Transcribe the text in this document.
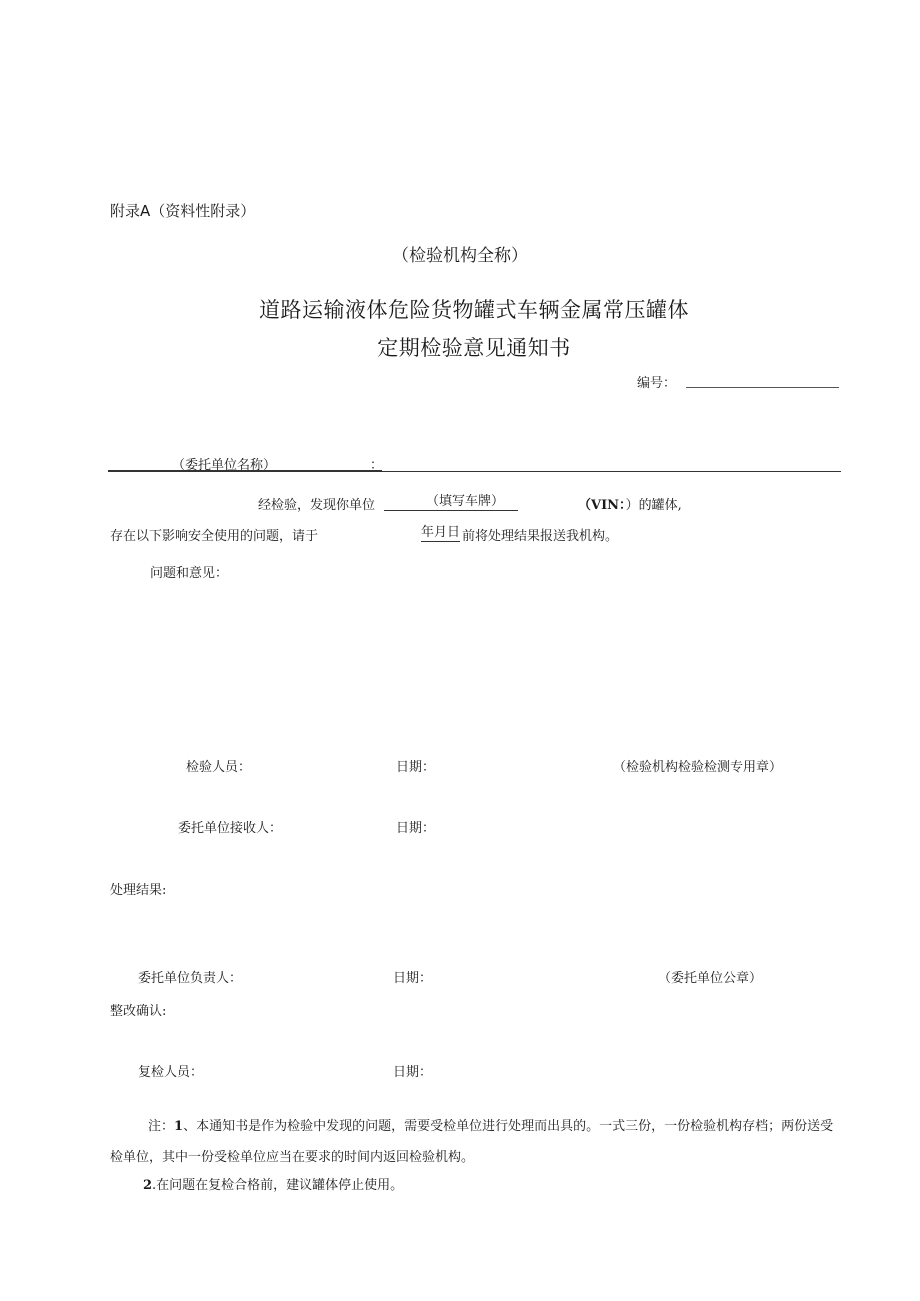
附录A（资料性附录）
（检验机构全称）
道路运输液体危险货物罐式车辆金属常压罐体
定期检验意见通知书
编号：
（委托单位名称）	：
经检验，发现你单位	（填写车牌）	（VIN：）的罐体,
存在以下影响安全使用的问题，请于	年月日 前将处理结果报送我机构。
问题和意见：
检验人员：	日期：	（检验机构检验检测专用章）
委托单位接收人：	日期：
处理结果:
委托单位负责人：	日期：	（委托单位公章）
整改确认:
复检人员：	日期：
注：1、本通知书是作为检验中发现的问题，需要受检单位进行处理而出具的。一式三份，一份检验机构存档；两份送受检单位，其中一份受检单位应当在要求的时间内返回检验机构。
2.在问题在复检合格前，建议罐体停止使用。
